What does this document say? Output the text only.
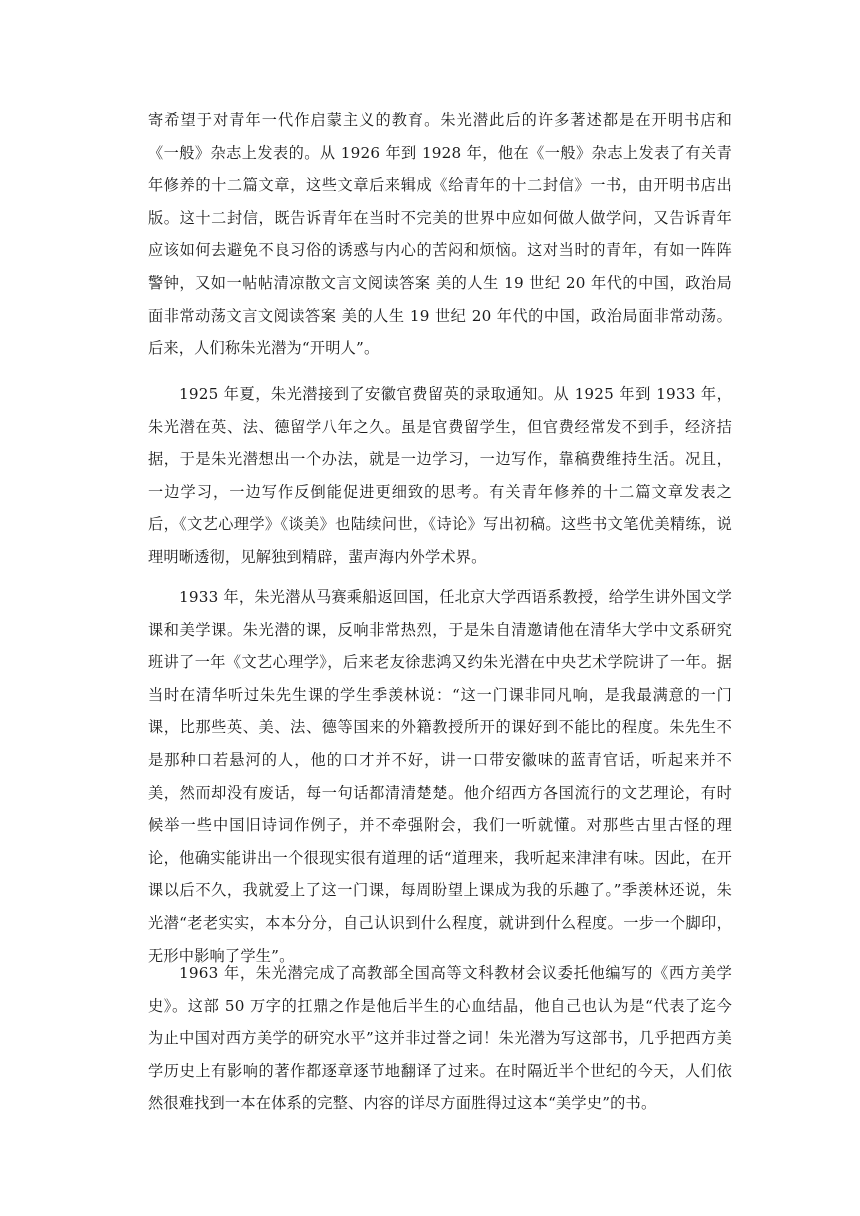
寄希望于对青年一代作启蒙主义的教育。朱光潜此后的许多著述都是在开明书店和《一般》杂志上发表的。从 1926 年到 1928 年，他在《一般》杂志上发表了有关青年修养的十二篇文章，这些文章后来辑成《给青年的十二封信》一书，由开明书店出版。这十二封信，既告诉青年在当时不完美的世界中应如何做人做学问，又告诉青年应该如何去避免不良习俗的诱惑与内心的苦闷和烦恼。这对当时的青年，有如一阵阵警钟，又如一帖帖清凉散文言文阅读答案 美的人生 19 世纪 20 年代的中国，政治局面非常动荡文言文阅读答案 美的人生 19 世纪 20 年代的中国，政治局面非常动荡。后来，人们称朱光潜为“开明人”。

1925 年夏，朱光潜接到了安徽官费留英的录取通知。从 1925 年到 1933 年，朱光潜在英、法、德留学八年之久。虽是官费留学生，但官费经常发不到手，经济拮据，于是朱光潜想出一个办法，就是一边学习，一边写作，靠稿费维持生活。况且，一边学习，一边写作反倒能促进更细致的思考。有关青年修养的十二篇文章发表之后，《文艺心理学》《谈美》也陆续问世，《诗论》写出初稿。这些书文笔优美精练，说理明晰透彻，见解独到精辟，蜚声海内外学术界。

1933 年，朱光潜从马赛乘船返回国，任北京大学西语系教授，给学生讲外国文学课和美学课。朱光潜的课，反响非常热烈，于是朱自清邀请他在清华大学中文系研究班讲了一年《文艺心理学》，后来老友徐悲鸿又约朱光潜在中央艺术学院讲了一年。据当时在清华听过朱先生课的学生季羡林说：“这一门课非同凡响，是我最满意的一门课，比那些英、美、法、德等国来的外籍教授所开的课好到不能比的程度。朱先生不是那种口若悬河的人，他的口才并不好，讲一口带安徽味的蓝青官话，听起来并不美，然而却没有废话，每一句话都清清楚楚。他介绍西方各国流行的文艺理论，有时候举一些中国旧诗词作例子，并不牵强附会，我们一听就懂。对那些古里古怪的理论，他确实能讲出一个很现实很有道理的话“道理来，我听起来津津有味。因此，在开课以后不久，我就爱上了这一门课，每周盼望上课成为我的乐趣了。”季羡林还说，朱光潜“老老实实，本本分分，自己认识到什么程度，就讲到什么程度。一步一个脚印，无形中影响了学生”。

1963 年，朱光潜完成了高教部全国高等文科教材会议委托他编写的《西方美学史》。这部 50 万字的扛鼎之作是他后半生的心血结晶，他自己也认为是“代表了迄今为止中国对西方美学的研究水平”这并非过誉之词！朱光潜为写这部书，几乎把西方美学历史上有影响的著作都逐章逐节地翻译了过来。在时隔近半个世纪的今天，人们依然很难找到一本在体系的完整、内容的详尽方面胜得过这本“美学史”的书。
